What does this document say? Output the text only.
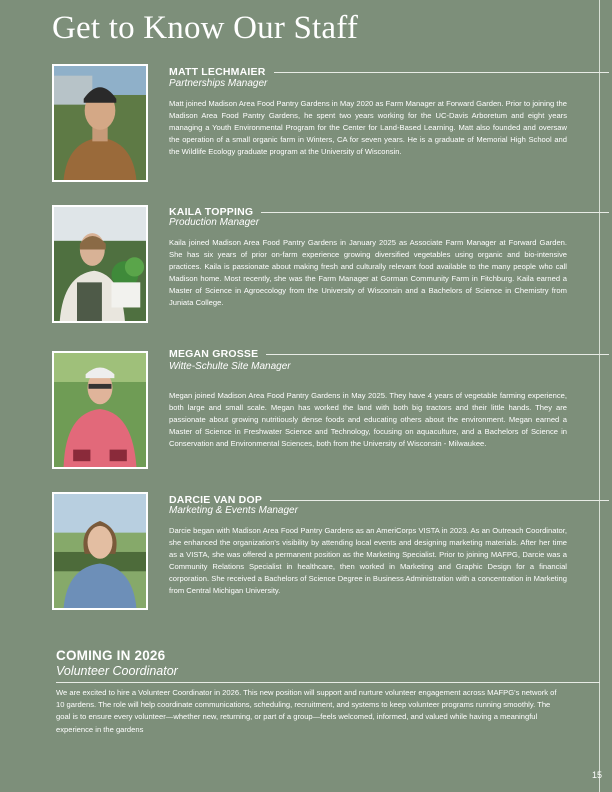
Get to Know Our Staff
MATT LECHMAIER
Partnerships Manager
Matt joined Madison Area Food Pantry Gardens in May 2020 as Farm Manager at Forward Garden. Prior to joining the Madison Area Food Pantry Gardens, he spent two years working for the UC-Davis Arboretum and eight years managing a Youth Environmental Program for the Center for Land-Based Learning. Matt also founded and oversaw the operation of a small organic farm in Winters, CA for seven years. He is a graduate of Memorial High School and the Wildlife Ecology graduate program at the University of Wisconsin.
KAILA TOPPING
Production Manager
Kaila joined Madison Area Food Pantry Gardens in January 2025 as Associate Farm Manager at Forward Garden. She has six years of prior on-farm experience growing diversified vegetables using organic and bio-intensive practices. Kaila is passionate about making fresh and culturally relevant food available to the many people who call Madison home. Most recently, she was the Farm Manager at Gorman Community Farm in Fitchburg. Kaila earned a Master of Science in Agroecology from the University of Wisconsin and a Bachelors of Science in Chemistry from Juniata College.
MEGAN GROSSE
Witte-Schulte Site Manager
Megan joined Madison Area Food Pantry Gardens in May 2025. They have 4 years of vegetable farming experience, both large and small scale. Megan has worked the land with both big tractors and their little hands. They are passionate about growing nutritiously dense foods and educating others about the environment. Megan earned a Master of Science in Freshwater Science and Technology, focusing on aquaculture, and a Bachelors of Science in Conservation and Environmental Sciences, both from the University of Wisconsin - Milwaukee.
DARCIE VAN DOP
Marketing & Events Manager
Darcie began with Madison Area Food Pantry Gardens as an AmeriCorps VISTA in 2023. As an Outreach Coordinator, she enhanced the organization's visibility by attending local events and designing marketing materials. After her time as a VISTA, she was offered a permanent position as the Marketing Specialist. Prior to joining MAFPG, Darcie was a Community Relations Specialist in healthcare, then worked in Marketing and Graphic Design for a financial corporation. She received a Bachelors of Science Degree in Business Administration with a concentration in Marketing from Central Michigan University.
COMING IN 2026
Volunteer Coordinator
We are excited to hire a Volunteer Coordinator in 2026. This new position will support and nurture volunteer engagement across MAFPG's network of 10 gardens. The role will help coordinate communications, scheduling, recruitment, and systems to keep volunteer programs running smoothly. The goal is to ensure every volunteer—whether new, returning, or part of a group—feels welcomed, informed, and valued while having a meaningful experience in the gardens
15
